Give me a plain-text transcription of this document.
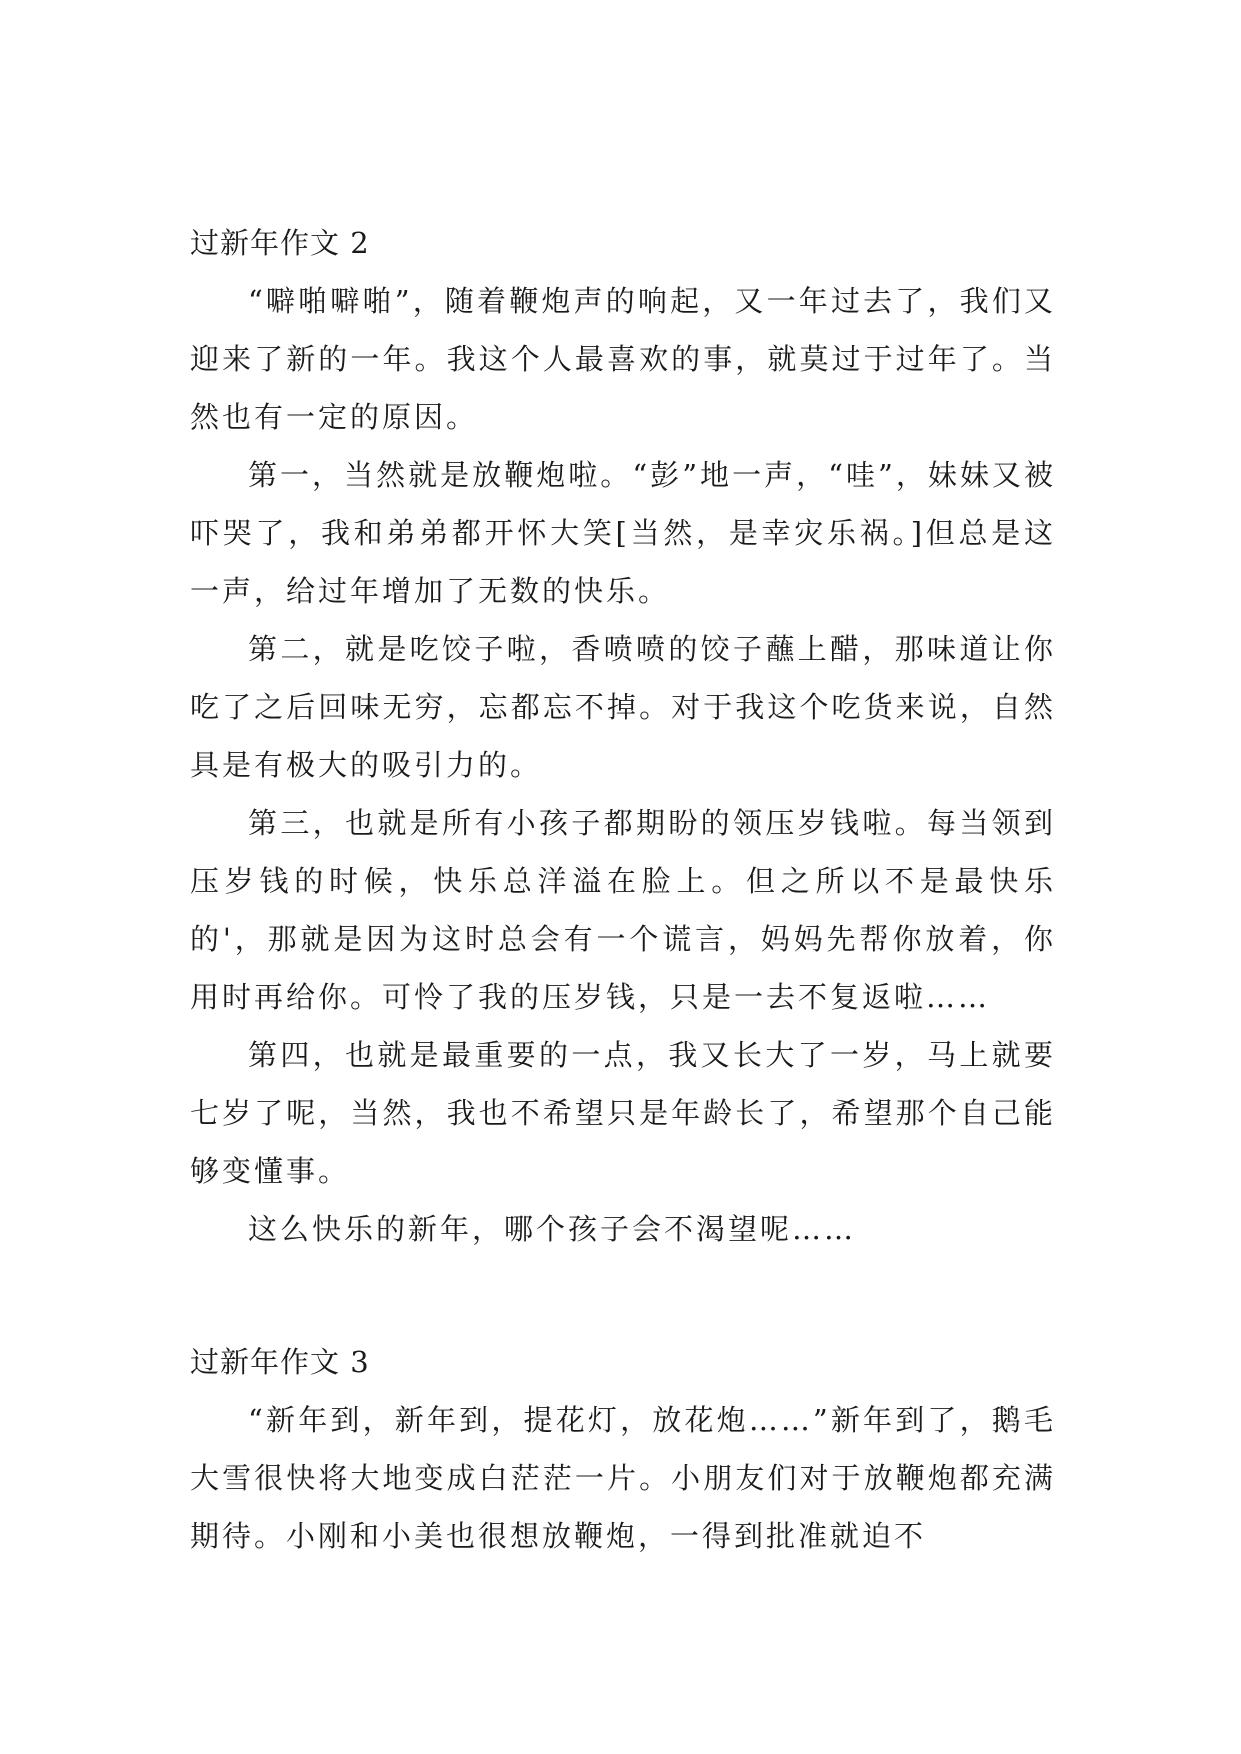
过新年作文 2

“噼啪噼啪”，随着鞭炮声的响起，又一年过去了，我们又迎来了新的一年。我这个人最喜欢的事，就莫过于过年了。当然也有一定的原因。

第一，当然就是放鞭炮啦。“彭”地一声，“哇”，妹妹又被吓哭了，我和弟弟都开怀大笑[当然，是幸灾乐祸。]但总是这一声，给过年增加了无数的快乐。

第二，就是吃饺子啦，香喷喷的饺子蘸上醋，那味道让你吃了之后回味无穷，忘都忘不掉。对于我这个吃货来说，自然具是有极大的吸引力的。

第三，也就是所有小孩子都期盼的领压岁钱啦。每当领到压岁钱的时候，快乐总洋溢在脸上。但之所以不是最快乐的'，那就是因为这时总会有一个谎言，妈妈先帮你放着，你用时再给你。可怜了我的压岁钱，只是一去不复返啦……

第四，也就是最重要的一点，我又长大了一岁，马上就要七岁了呢，当然，我也不希望只是年龄长了，希望那个自己能够变懂事。

这么快乐的新年，哪个孩子会不渴望呢……

过新年作文 3

“新年到，新年到，提花灯，放花炮……”新年到了，鹅毛大雪很快将大地变成白茫茫一片。小朋友们对于放鞭炮都充满期待。小刚和小美也很想放鞭炮，一得到批准就迫不
